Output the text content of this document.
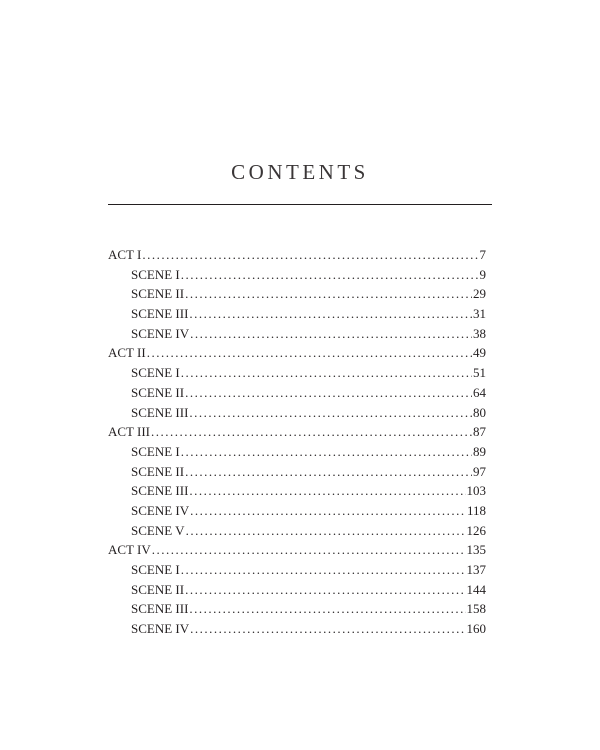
CONTENTS
ACT I .....	7
SCENE I .....	9
SCENE II .....	29
SCENE III .....	31
SCENE IV .....	38
ACT II .....	49
SCENE I .....	51
SCENE II .....	64
SCENE III .....	80
ACT III .....	87
SCENE I .....	89
SCENE II .....	97
SCENE III .....	103
SCENE IV .....	118
SCENE V .....	126
ACT IV .....	135
SCENE I .....	137
SCENE II .....	144
SCENE III .....	158
SCENE IV .....	160
